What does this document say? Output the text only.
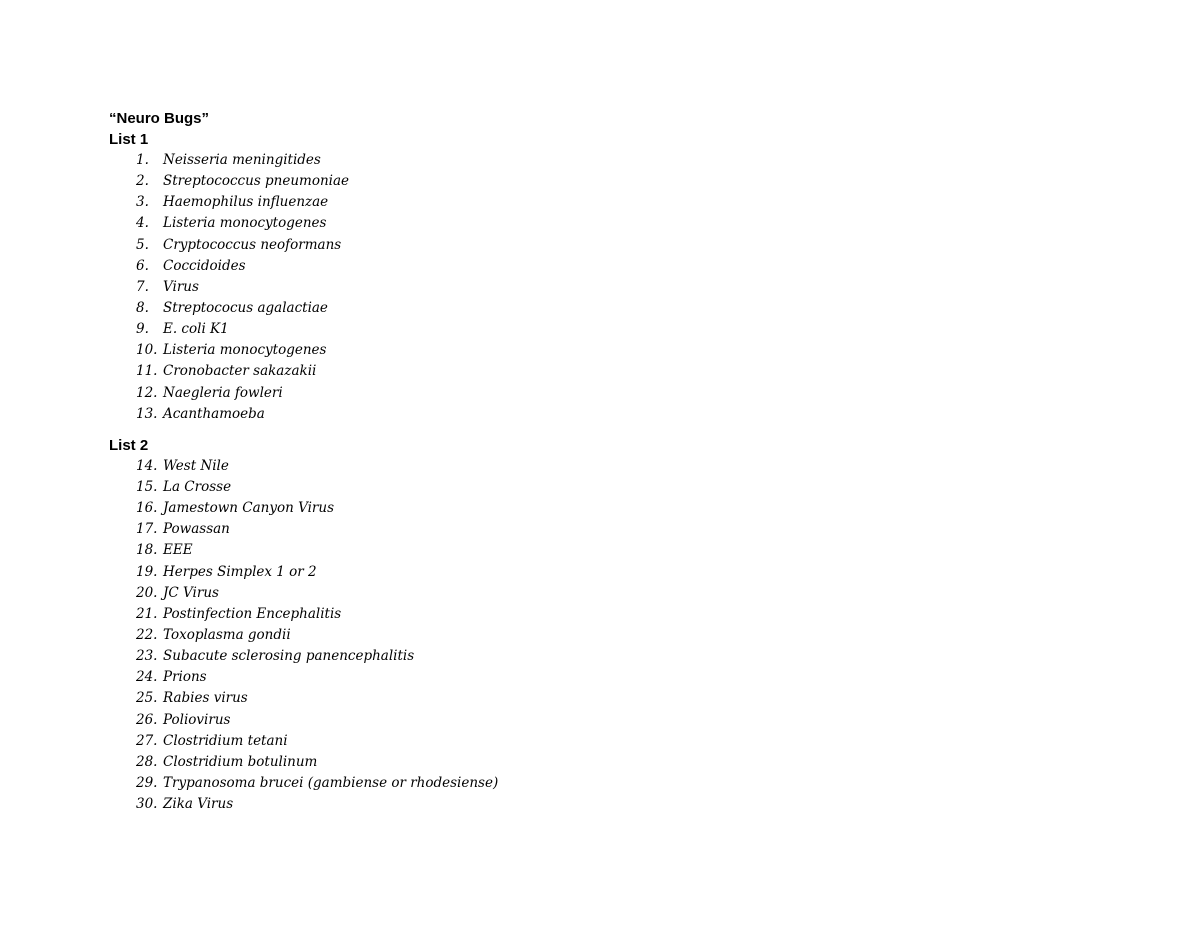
“Neuro Bugs”
List 1
1. Neisseria meningitides
2. Streptococcus pneumoniae
3. Haemophilus influenzae
4. Listeria monocytogenes
5. Cryptococcus neoformans
6. Coccidoides
7. Virus
8. Streptococus agalactiae
9. E. coli K1
10. Listeria monocytogenes
11. Cronobacter sakazakii
12. Naegleria fowleri
13. Acanthamoeba
List 2
14. West Nile
15. La Crosse
16. Jamestown Canyon Virus
17. Powassan
18. EEE
19. Herpes Simplex 1 or 2
20. JC Virus
21. Postinfection Encephalitis
22. Toxoplasma gondii
23. Subacute sclerosing panencephalitis
24. Prions
25. Rabies virus
26. Poliovirus
27. Clostridium tetani
28. Clostridium botulinum
29. Trypanosoma brucei (gambiense or rhodesiense)
30. Zika Virus
